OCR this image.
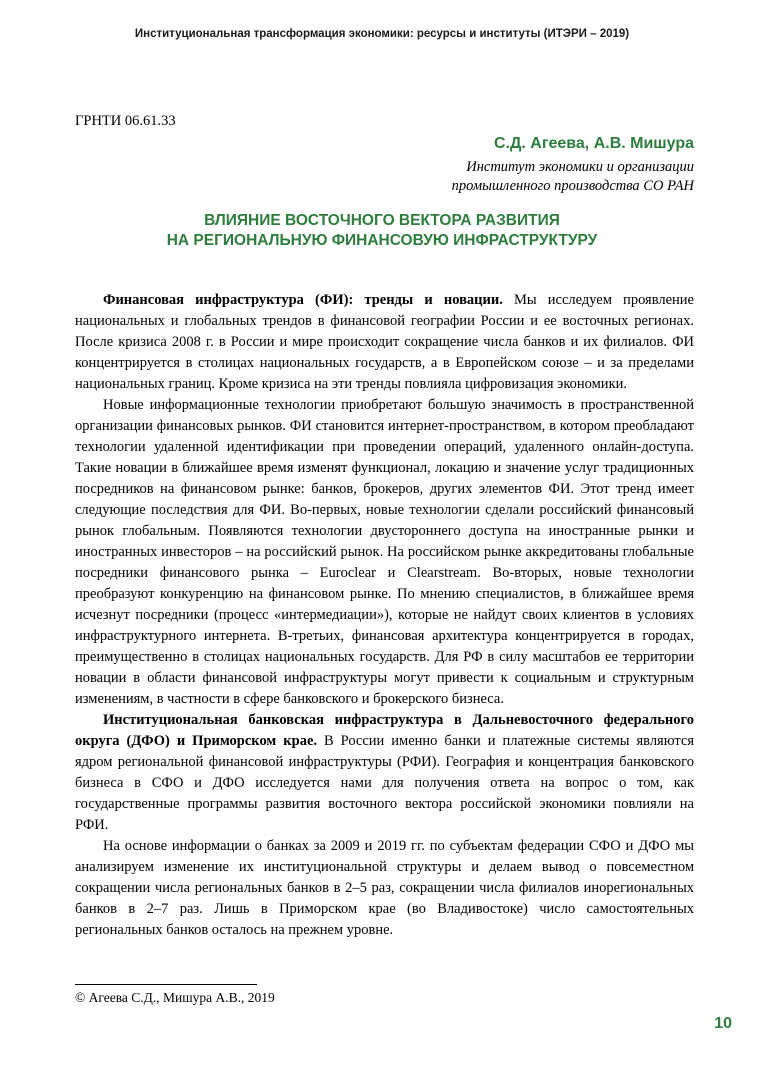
Институциональная трансформация экономики: ресурсы и институты (ИТЭРИ – 2019)
ГРНТИ 06.61.33
С.Д. Агеева, А.В. Мишура
Институт экономики и организации
промышленного производства СО РАН
ВЛИЯНИЕ ВОСТОЧНОГО ВЕКТОРА РАЗВИТИЯ
НА РЕГИОНАЛЬНУЮ ФИНАНСОВУЮ ИНФРАСТРУКТУРУ

Финансовая инфраструктура (ФИ): тренды и новации. Мы исследуем проявление национальных и глобальных трендов в финансовой географии России и ее восточных регионах. После кризиса 2008 г. в России и мире происходит сокращение числа банков и их филиалов. ФИ концентрируется в столицах национальных государств, а в Европейском союзе – и за пределами национальных границ. Кроме кризиса на эти тренды повлияла цифровизация экономики.

Новые информационные технологии приобретают большую значимость в пространственной организации финансовых рынков. ФИ становится интернет-пространством, в котором преобладают технологии удаленной идентификации при проведении операций, удаленного онлайн-доступа. Такие новации в ближайшее время изменят функционал, локацию и значение услуг традиционных посредников на финансовом рынке: банков, брокеров, других элементов ФИ. Этот тренд имеет следующие последствия для ФИ. Во-первых, новые технологии сделали российский финансовый рынок глобальным. Появляются технологии двустороннего доступа на иностранные рынки и иностранных инвесторов – на российский рынок. На российском рынке аккредитованы глобальные посредники финансового рынка – Euroclear и Clearstream. Во-вторых, новые технологии преобразуют конкуренцию на финансовом рынке. По мнению специалистов, в ближайшее время исчезнут посредники (процесс «интермедиации»), которые не найдут своих клиентов в условиях инфраструктурного интернета. В-третьих, финансовая архитектура концентрируется в городах, преимущественно в столицах национальных государств. Для РФ в силу масштабов ее территории новации в области финансовой инфраструктуры могут привести к социальным и структурным изменениям, в частности в сфере банковского и брокерского бизнеса.

Институциональная банковская инфраструктура в Дальневосточного федерального округа (ДФО) и Приморском крае. В России именно банки и платежные системы являются ядром региональной финансовой инфраструктуры (РФИ). География и концентрация банковского бизнеса в СФО и ДФО исследуется нами для получения ответа на вопрос о том, как государственные программы развития восточного вектора российской экономики повлияли на РФИ.

На основе информации о банках за 2009 и 2019 гг. по субъектам федерации СФО и ДФО мы анализируем изменение их институциональной структуры и делаем вывод о повсеместном сокращении числа региональных банков в 2–5 раз, сокращении числа филиалов инорегиональных банков в 2–7 раз. Лишь в Приморском крае (во Владивостоке) число самостоятельных региональных банков осталось на прежнем уровне.

© Агеева С.Д., Мишура А.В., 2019
10
